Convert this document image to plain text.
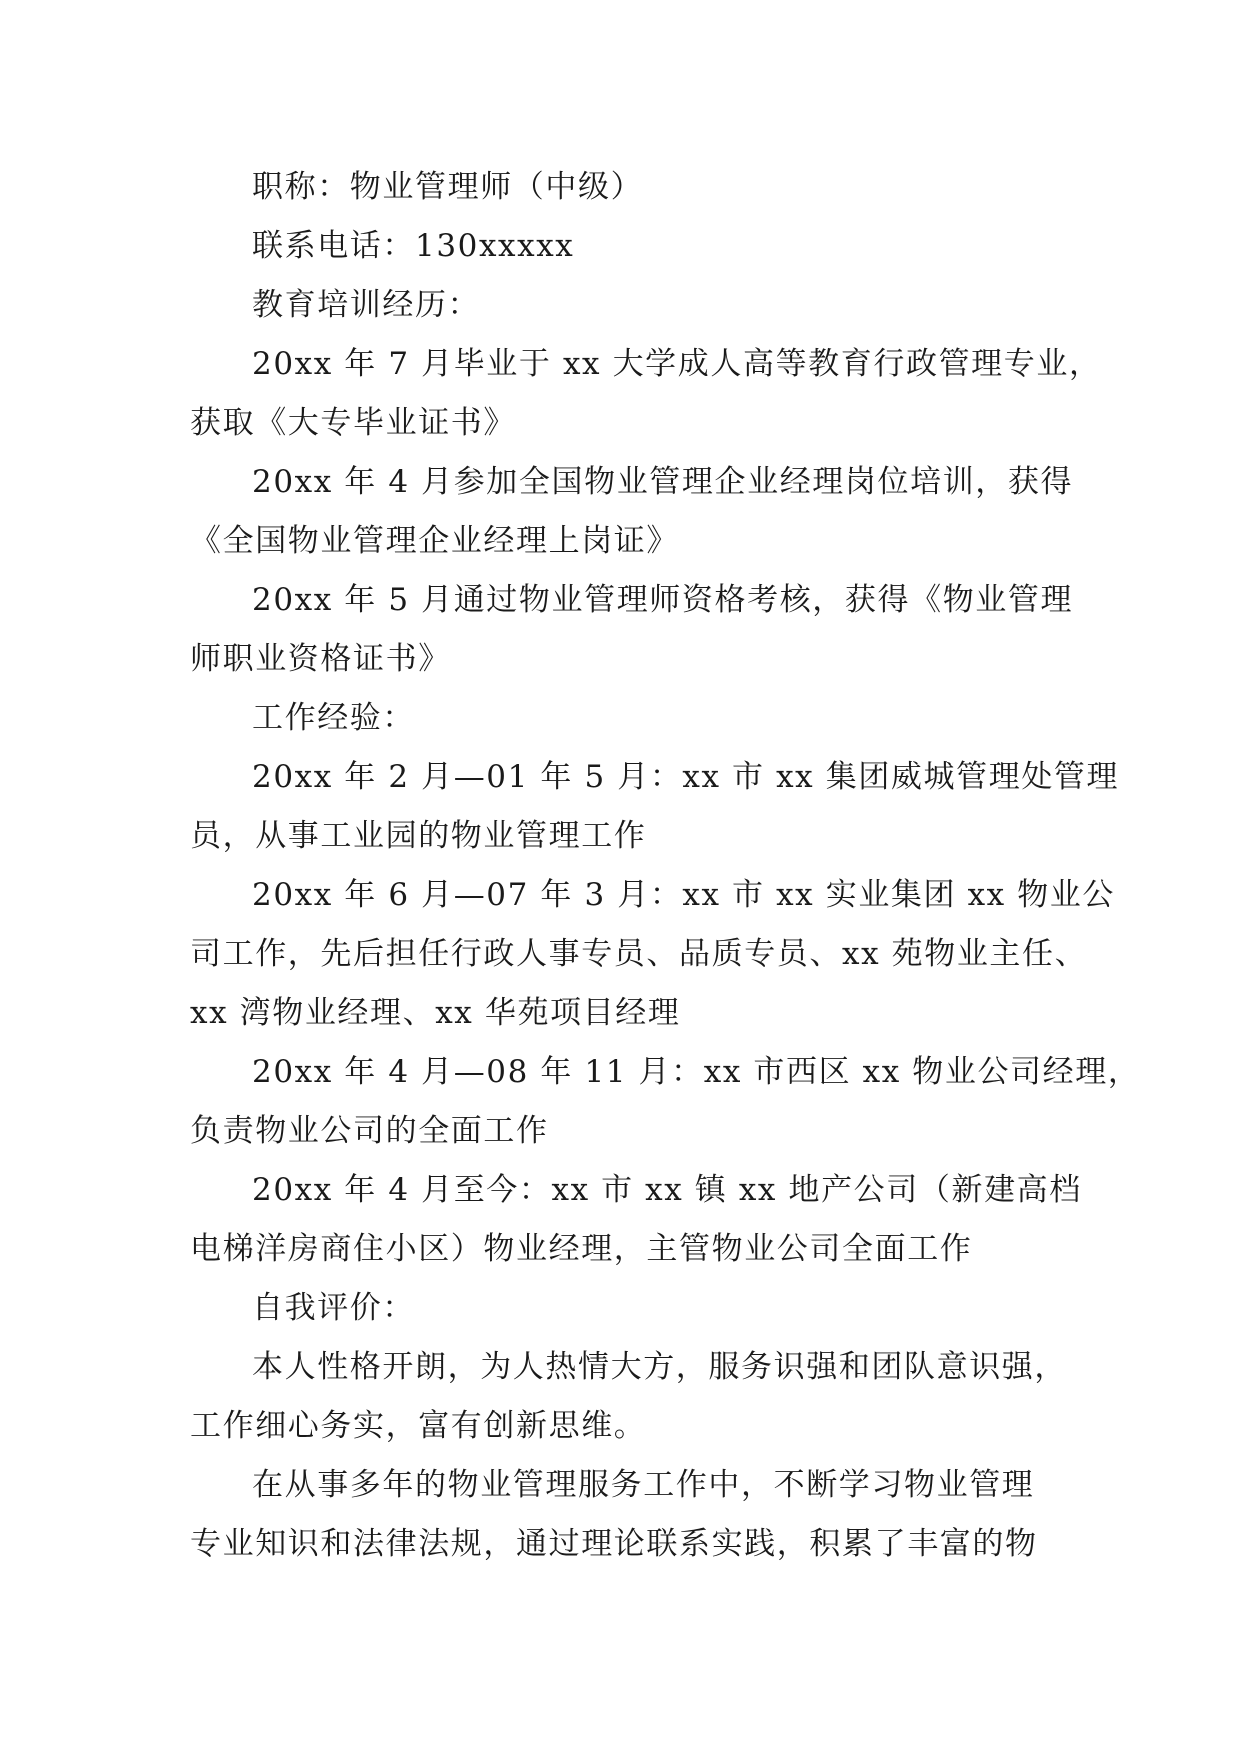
职称：物业管理师（中级）
联系电话：130xxxxx
教育培训经历：
20xx 年 7 月毕业于 xx 大学成人高等教育行政管理专业，
获取《大专毕业证书》
20xx 年 4 月参加全国物业管理企业经理岗位培训，获得
《全国物业管理企业经理上岗证》
20xx 年 5 月通过物业管理师资格考核，获得《物业管理
师职业资格证书》
工作经验：
20xx 年 2 月—01 年 5 月：xx 市 xx 集团威城管理处管理
员，从事工业园的物业管理工作
20xx 年 6 月—07 年 3 月：xx 市 xx 实业集团 xx 物业公
司工作，先后担任行政人事专员、品质专员、xx 苑物业主任、
xx 湾物业经理、xx 华苑项目经理
20xx 年 4 月—08 年 11 月：xx 市西区 xx 物业公司经理，
负责物业公司的全面工作
20xx 年 4 月至今：xx 市 xx 镇 xx 地产公司（新建高档
电梯洋房商住小区）物业经理，主管物业公司全面工作
自我评价：
本人性格开朗，为人热情大方，服务识强和团队意识强，
工作细心务实，富有创新思维。
在从事多年的物业管理服务工作中，不断学习物业管理
专业知识和法律法规，通过理论联系实践，积累了丰富的物
